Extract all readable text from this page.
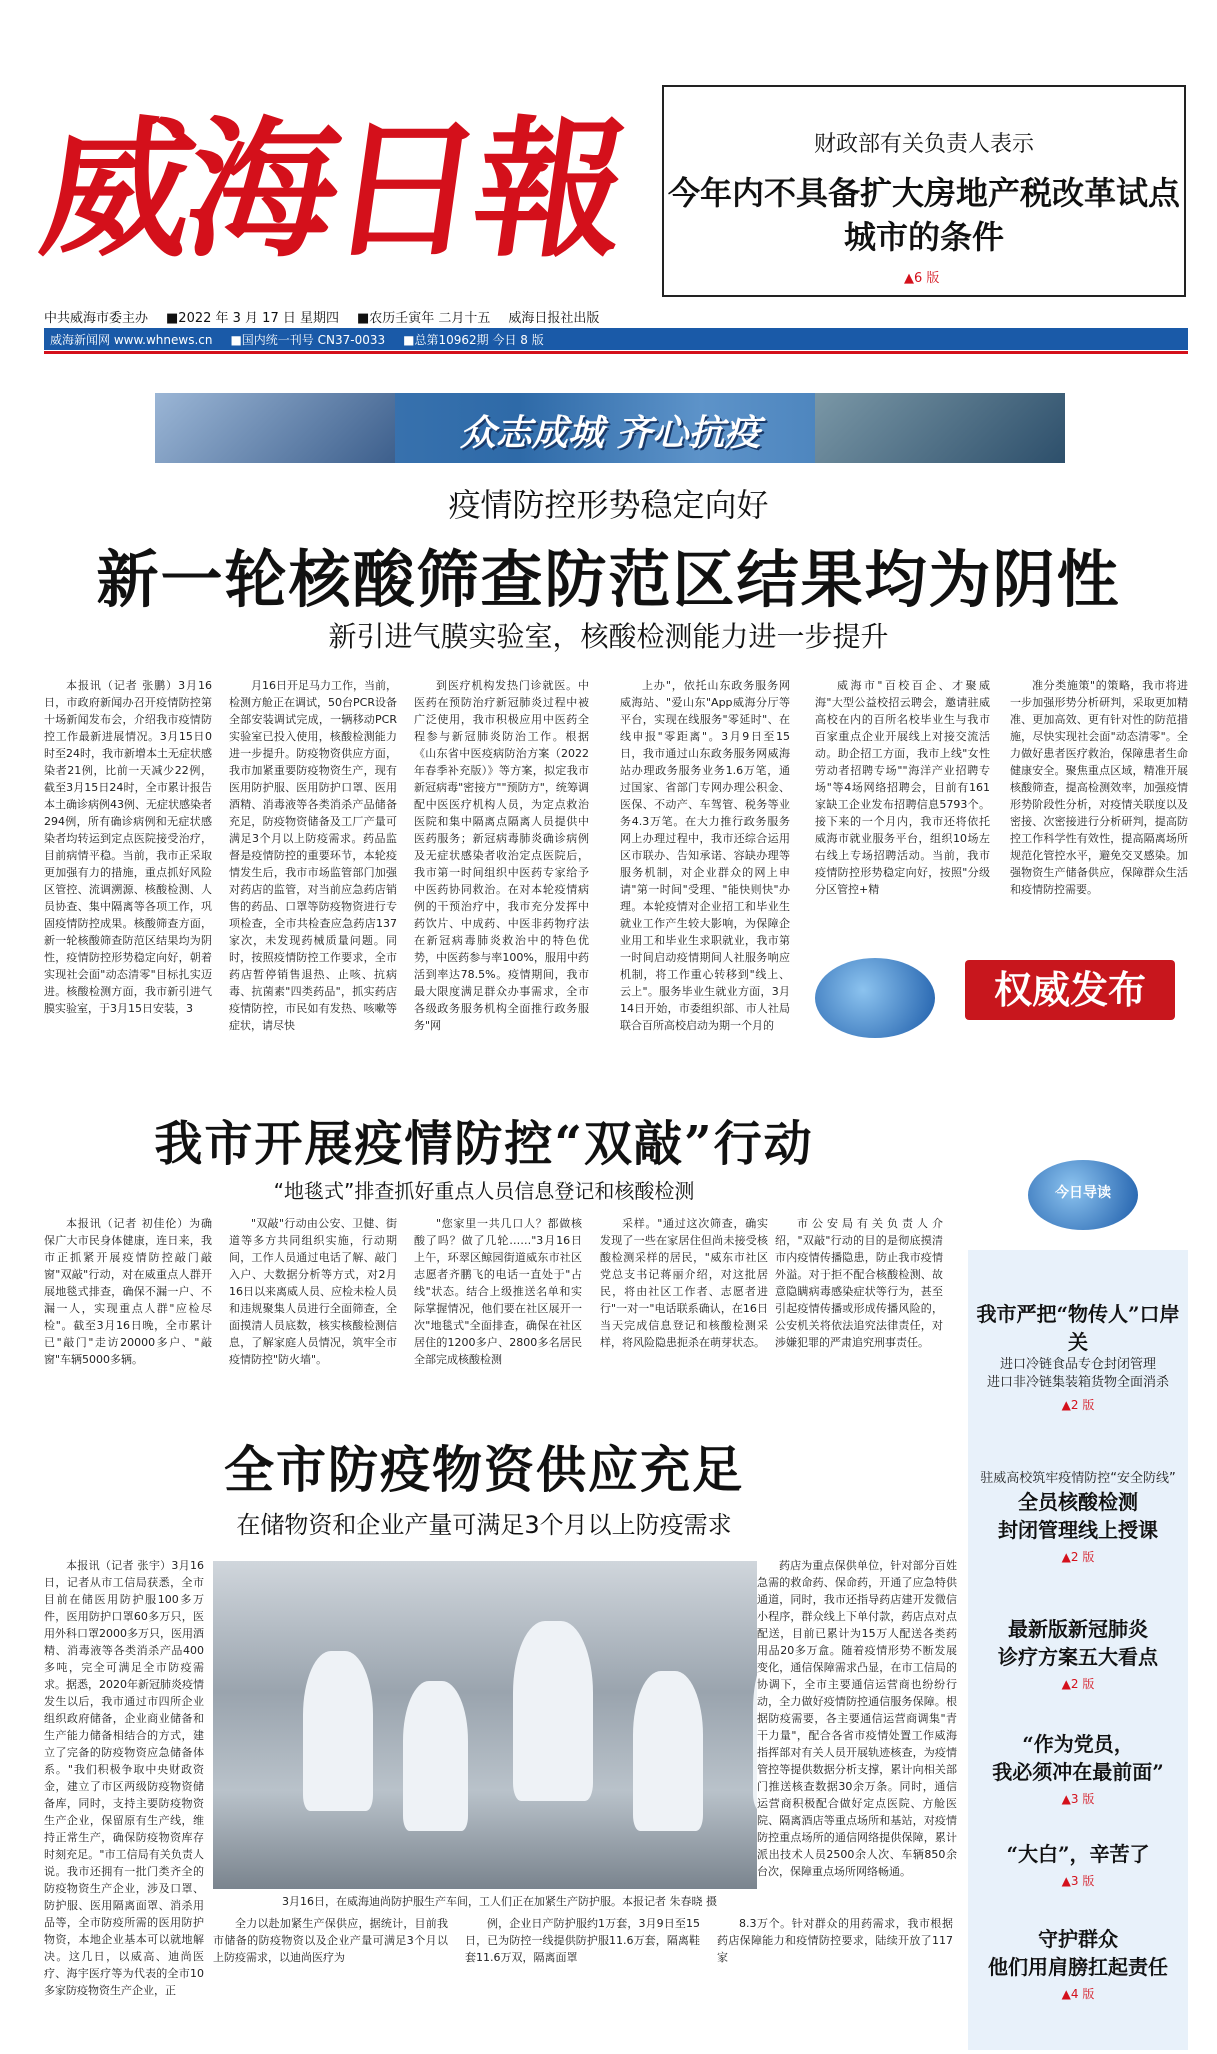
威海日報	财政部有关负责人表示
今年内不具备扩大房地产税改革试点城市的条件
▲6 版
中共威海市委主办 ■2022 年 3 月 17 日 星期四 ■农历壬寅年 二月十五 威海日报社出版
威海新闻网 www.whnews.cn ■国内统一刊号 CN37-0033 ■总第10962期 今日 8 版
众志成城 齐心抗疫
疫情防控形势稳定向好
新一轮核酸筛查防范区结果均为阴性
新引进气膜实验室，核酸检测能力进一步提升

本报讯（记者 张鹏）3月16日，市政府新闻办召开疫情防控第十场新闻发布会，介绍我市疫情防控工作最新进展情况。3月15日0时至24时，我市新增本土无症状感染者21例，比前一天减少22例，截至3月15日24时，全市累计报告本土确诊病例43例、无症状感染者294例，所有确诊病例和无症状感染者均转运到定点医院接受治疗，目前病情平稳。当前，我市正采取更加强有力的措施，重点抓好风险区管控、流调溯源、核酸检测、人员协查、集中隔离等各项工作，巩固疫情防控成果。核酸筛查方面，新一轮核酸筛查防范区结果均为阴性，疫情防控形势稳定向好，朝着实现社会面"动态清零"目标扎实迈进。核酸检测方面，我市新引进气膜实验室，于3月15日安装，3

月16日开足马力工作，当前，检测方舱正在调试，50台PCR设备全部安装调试完成，一辆移动PCR实验室已投入使用，核酸检测能力进一步提升。防疫物资供应方面，我市加紧重要防疫物资生产，现有医用防护服、医用防护口罩、医用酒精、消毒液等各类消杀产品储备充足，防疫物资储备及工厂产量可满足3个月以上防疫需求。药品监督是疫情防控的重要环节，本轮疫情发生后，我市市场监管部门加强对药店的监管，对当前应急药店销售的药品、口罩等防疫物资进行专项检查，全市共检查应急药店137家次，未发现药械质量问题。同时，按照疫情防控工作要求，全市药店暂停销售退热、止咳、抗病毒、抗菌素"四类药品"，抓实药店疫情防控，市民如有发热、咳嗽等症状，请尽快

到医疗机构发热门诊就医。中医药在预防治疗新冠肺炎过程中被广泛使用，我市积极应用中医药全程参与新冠肺炎防治工作。根据《山东省中医疫病防治方案（2022年春季补充版）》等方案，拟定我市新冠病毒"密接方""预防方"，统筹调配中医医疗机构人员，为定点救治医院和集中隔离点隔离人员提供中医药服务；新冠病毒肺炎确诊病例及无症状感染者收治定点医院后，我市第一时间组织中医药专家给予中医药协同救治。在对本轮疫情病例的干预治疗中，我市充分发挥中药饮片、中成药、中医非药物疗法在新冠病毒肺炎救治中的特色优势，中医药参与率100%，服用中药活到率达78.5%。疫情期间，我市最大限度满足群众办事需求，全市各级政务服务机构全面推行政务服务"网

上办"，依托山东政务服务网威海站、"爱山东"App威海分厅等平台，实现在线服务"零延时"、在线申报"零距离"。3月9日至15日，我市通过山东政务服务网威海站办理政务服务业务1.6万笔，通过国家、省部门专网办理公积金、医保、不动产、车驾管、税务等业务4.3万笔。在大力推行政务服务网上办理过程中，我市还综合运用区市联办、告知承诺、容缺办理等服务机制，对企业群众的网上申请"第一时间"受理、"能快则快"办理。本轮疫情对企业招工和毕业生就业工作产生较大影响，为保障企业用工和毕业生求职就业，我市第一时间启动疫情期间人社服务响应机制，将工作重心转移到"线上、云上"。服务毕业生就业方面，3月14日开始，市委组织部、市人社局联合百所高校启动为期一个月的

威海市"百校百企、才聚威海"大型公益校招云聘会，邀请驻威高校在内的百所名校毕业生与我市百家重点企业开展线上对接交流活动。助企招工方面，我市上线"女性劳动者招聘专场""海洋产业招聘专场"等4场网络招聘会，目前有161家缺工企业发布招聘信息5793个。接下来的一个月内，我市还将依托威海市就业服务平台，组织10场左右线上专场招聘活动。当前，我市疫情防控形势稳定向好，按照"分级分区管控+精

准分类施策"的策略，我市将进一步加强形势分析研判，采取更加精准、更加高效、更有针对性的防范措施，尽快实现社会面"动态清零"。全力做好患者医疗救治，保障患者生命健康安全。聚焦重点区域，精准开展核酸筛查，提高检测效率，加强疫情形势阶段性分析，对疫情关联度以及密接、次密接进行分析研判，提高防控工作科学性有效性，提高隔离场所规范化管控水平，避免交叉感染。加强物资生产储备供应，保障群众生活和疫情防控需要。

权威发布
我市开展疫情防控“双敲”行动
“地毯式”排查抓好重点人员信息登记和核酸检测

本报讯（记者 初佳伦）为确保广大市民身体健康，连日来，我市正抓紧开展疫情防控敲门敲窗"双敲"行动，对在威重点人群开展地毯式排查，确保不漏一户、不漏一人，实现重点人群"应检尽检"。截至3月16日晚，全市累计已"敲门"走访20000多户、"敲窗"车辆5000多辆。

"双敲"行动由公安、卫健、街道等多方共同组织实施，行动期间，工作人员通过电话了解、敲门入户、大数据分析等方式，对2月16日以来离威人员、应检未检人员和违规聚集人员进行全面筛查，全面摸清人员底数，核实核酸检测信息，了解家庭人员情况，筑牢全市疫情防控"防火墙"。

"您家里一共几口人？都做核酸了吗？做了几轮……"3月16日上午，环翠区鲸园街道威东市社区志愿者齐鹏飞的电话一直处于"占线"状态。结合上级推送名单和实际掌握情况，他们要在社区展开一次"地毯式"全面排查，确保在社区居住的1200多户、2800多名居民全部完成核酸检测

采样。"通过这次筛查，确实发现了一些在家居住但尚未接受核酸检测采样的居民，"威东市社区党总支书记蒋丽介绍，对这批居民，将由社区工作者、志愿者进行"一对一"电话联系确认，在16日当天完成信息登记和核酸检测采样，将风险隐患扼杀在萌芽状态。

市公安局有关负责人介绍，"双敲"行动的目的是彻底摸清市内疫情传播隐患，防止我市疫情外溢。对于拒不配合核酸检测、故意隐瞒病毒感染症状等行为，甚至引起疫情传播或形成传播风险的，公安机关将依法追究法律责任，对涉嫌犯罪的严肃追究刑事责任。

全市防疫物资供应充足
在储物资和企业产量可满足3个月以上防疫需求

本报讯（记者 张宇）3月16日，记者从市工信局获悉，全市目前在储医用防护服100多万件，医用防护口罩60多万只，医用外科口罩2000多万只，医用酒精、消毒液等各类消杀产品400多吨，完全可满足全市防疫需求。据悉，2020年新冠肺炎疫情发生以后，我市通过市四所企业组织政府储备，企业商业储备和生产能力储备相结合的方式，建立了完备的防疫物资应急储备体系。"我们积极争取中央财政资金，建立了市区两级防疫物资储备库，同时，支持主要防疫物资生产企业，保留原有生产线，维持正常生产，确保防疫物资库存时刻充足。"市工信局有关负责人说。我市还拥有一批门类齐全的防疫物资生产企业，涉及口罩、防护服、医用隔离面罩、消杀用品等，全市防疫所需的医用防护物资，本地企业基本可以就地解决。这几日，以威高、迪尚医疗、海宇医疗等为代表的全市10多家防疫物资生产企业，正

3月16日，在威海迪尚防护服生产车间，工人们正在加紧生产防护服。本报记者 朱春晓 摄

全力以赴加紧生产保供应，据统计，目前我市储备的防疫物资以及企业产量可满足3个月以上防疫需求，以迪尚医疗为

例，企业日产防护服约1万套，3月9日至15日，已为防控一线提供防护服11.6万套，隔离鞋套11.6万双，隔离面罩

8.3万个。针对群众的用药需求，我市根据药店保障能力和疫情防控要求，陆续开放了117家

药店为重点保供单位，针对部分百姓急需的救命药、保命药，开通了应急特供通道，同时，我市还指导药店建开发微信小程序，群众线上下单付款，药店点对点配送，目前已累计为15万人配送各类药用品20多万盒。随着疫情形势不断发展变化，通信保障需求凸显，在市工信局的协调下，全市主要通信运营商也纷纷行动，全力做好疫情防控通信服务保障。根据防疫需要，各主要通信运营商调集"青干力量"，配合各省市疫情处置工作威海指挥部对有关人员开展轨迹核查，为疫情管控等提供数据分析支撑，累计向相关部门推送核查数据30余万条。同时，通信运营商积极配合做好定点医院、方舱医院、隔离酒店等重点场所和基站，对疫情防控重点场所的通信网络提供保障，累计派出技术人员2500余人次、车辆850余台次，保障重点场所网络畅通。

今日导读
我市严把“物传人”口岸关
进口冷链食品专仓封闭管理
进口非冷链集装箱货物全面消杀
▲2 版
驻威高校筑牢疫情防控“安全防线”
全员核酸检测
封闭管理线上授课
▲2 版
最新版新冠肺炎
诊疗方案五大看点
▲2 版
“作为党员，
我必须冲在最前面”
▲3 版
“大白”，辛苦了
▲3 版
守护群众
他们用肩膀扛起责任
▲4 版
